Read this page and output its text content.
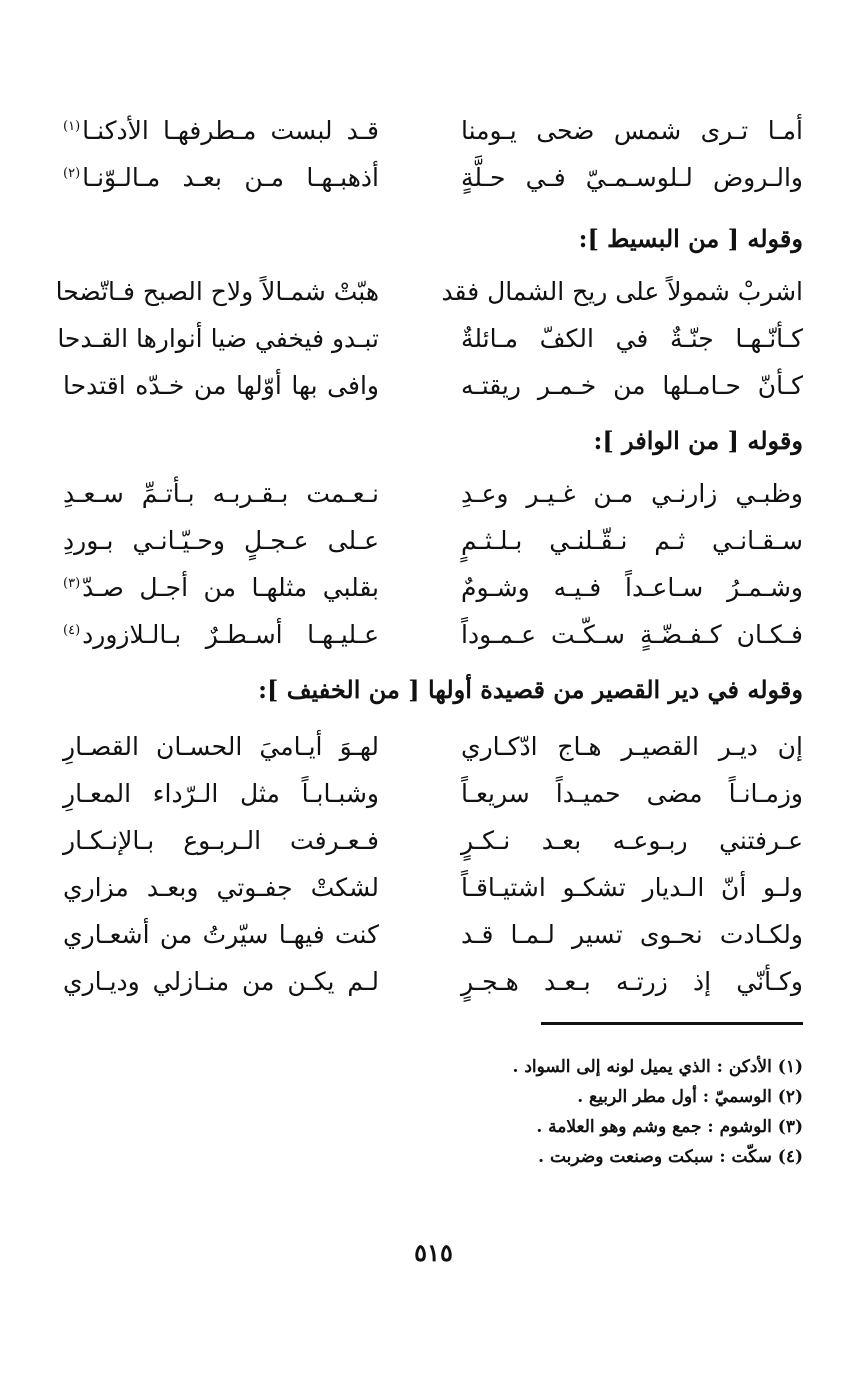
أمـا تـرى شمس ضحى يـومنا
قـد لبست مـطرفهـا الأدكنـا$^{(١)}$
والـروض لـلوسـمـيّ فـي حـلَّةٍ
أذهبـهـا مـن بعـد مـالـوّنـا$^{(٢)}$
وقوله [ من البسيط ]:
اشربْ شمولاً على ريح الشمال فقد
هبّتْ شمـالاً ولاح الصبح فـاتّضحا
كـأنّـهـا جنّـةٌ في الكفّ مـائلةٌ
تبـدو فيخفي ضيا أنوارها القـدحا
كـأنّ حـامـلها من خـمـر ريقتـه
وافى بها أوّلها من خـدّه اقتدحا
وقوله [ من الوافر ]:
وظبـي زارنـي مـن غـيـر وعـدِ
نـعـمت بـقـربـه بـأتـمِّ سـعـدِ
سـقـانـي ثـم نـقّـلنـي بـلـثـمٍ
عـلى عـجـلٍ وحـيّـانـي بـوردِ
وشـمـرُ سـاعـداً فـيـه وشـومٌ
بقلبي مثلهـا من أجـل صـدّ$^{(٣)}$
فـكـان كـفـضّـةٍ سـكّـت عـمـوداً
عـليـهـا أسـطـرٌ بـالـلازورد$^{(٤)}$
وقوله في دير القصير من قصيدة أولها [ من الخفيف ]:
إن ديـر القصيـر هـاج ادّكـاري
لهـوَ أيـاميَ الحسـان القصـارِ
وزمـانـاً مضى حميـداً سريعـاً
وشبـابـاً مثل الـرّداء المعـارِ
عـرفتني ربـوعـه بعـد نـكـرٍ
فـعـرفت الـربـوع بـالإنـكـار
ولـو أنّ الـديار تشكـو اشتيـاقـاً
لشكتْ جفـوتي وبعـد مزاري
ولكـادت نحـوى تسير لـمـا قـد
كنت فيهـا سيّرتُ من أشعـاري
وكـأنّي إذ زرتـه بـعـد هـجـرٍ
لـم يكـن من منـازلي وديـاري
(١) الأدكن : الذي يميل لونه إلى السواد .
(٢) الوسميّ : أول مطر الربيع .
(٣) الوشوم : جمع وشم وهو العلامة .
(٤) سكّت : سبكت وصنعت وضربت .
٥١٥
